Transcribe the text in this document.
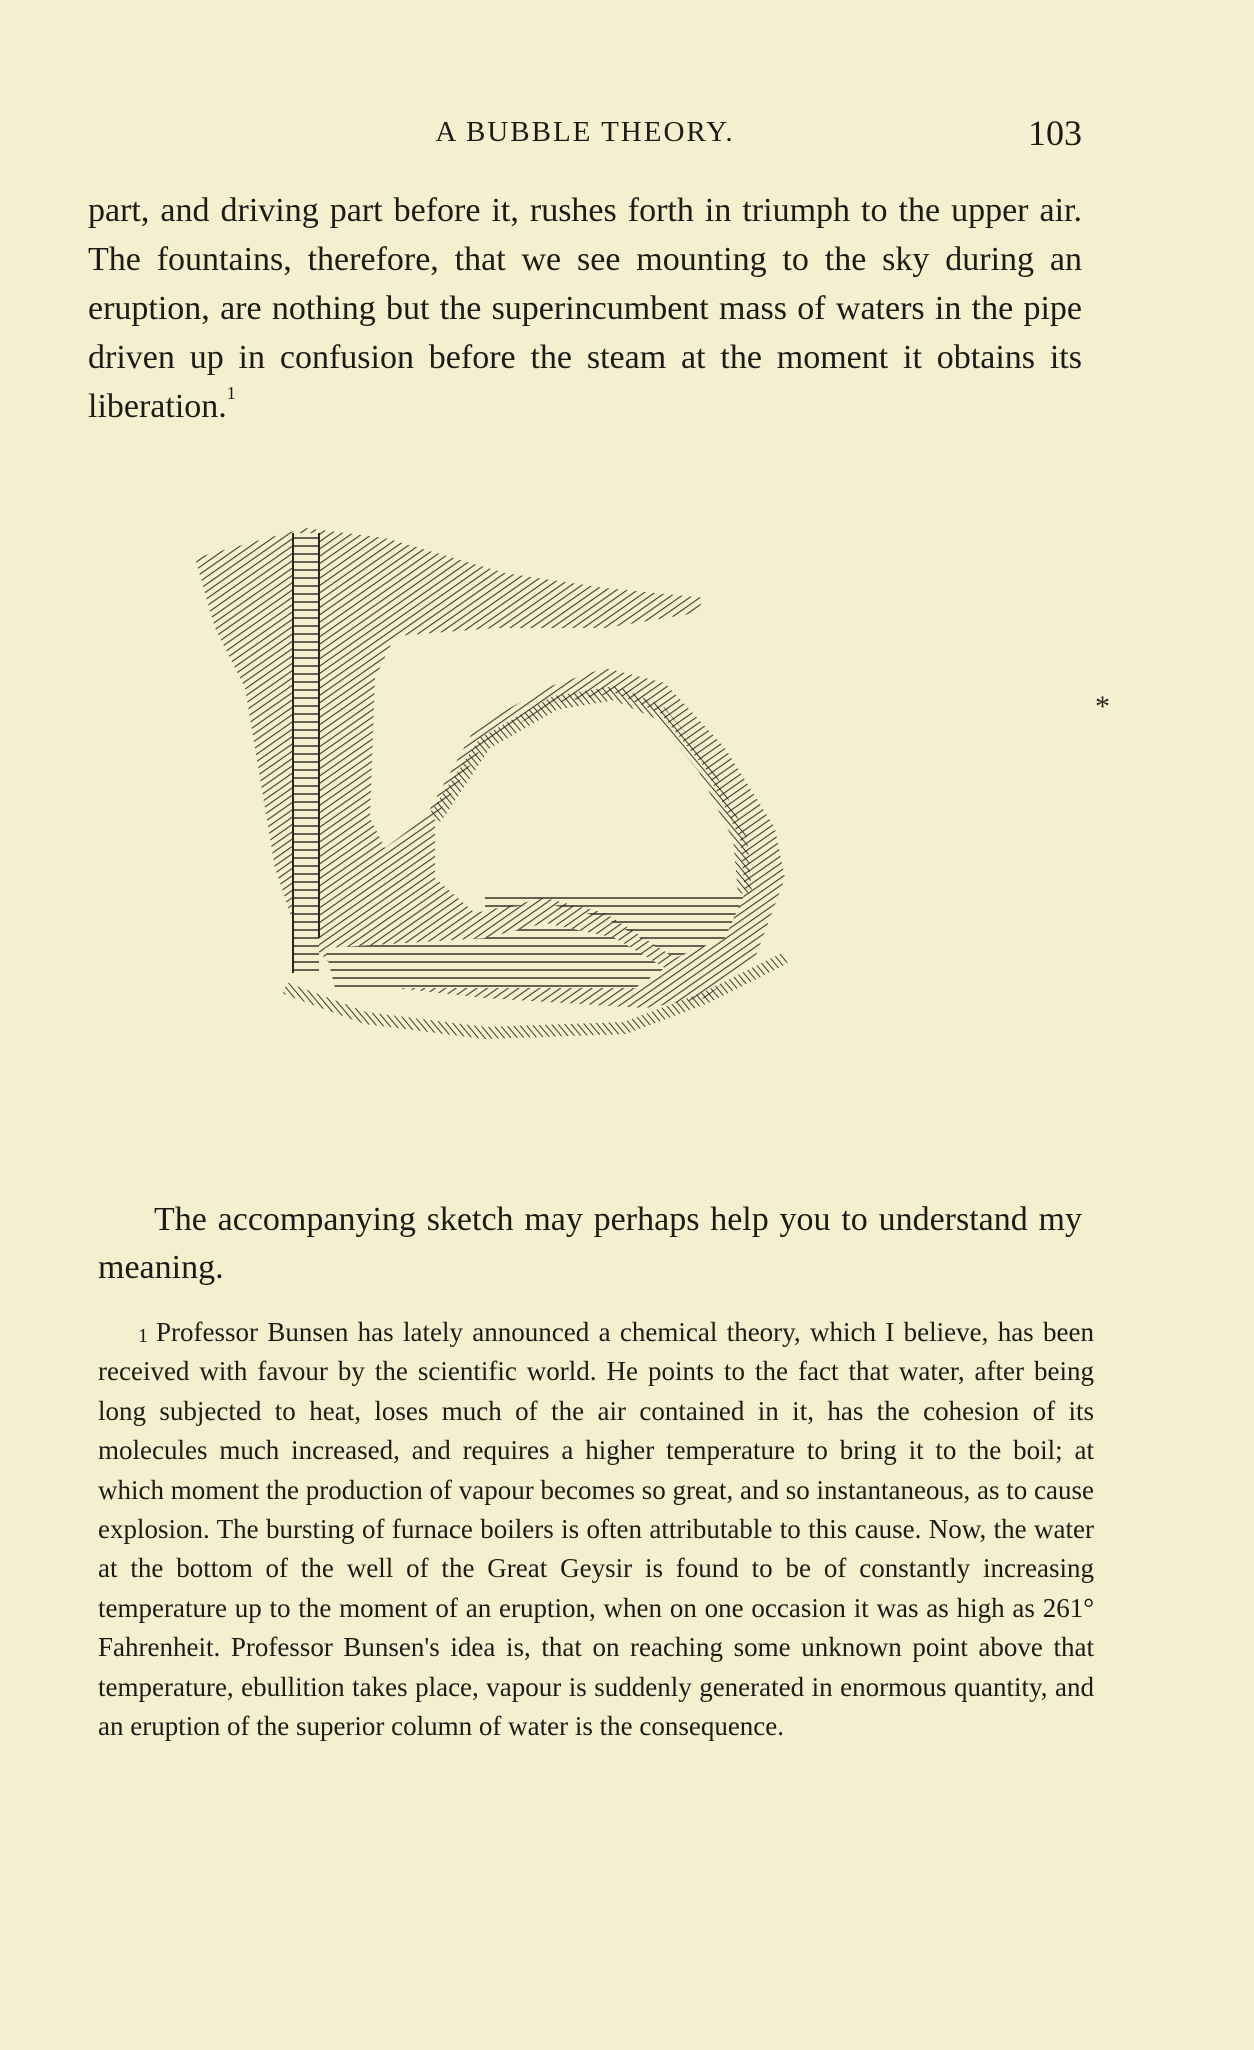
A BUBBLE THEORY.	103

part, and driving part before it, rushes forth in triumph to the upper air. The fountains, therefore, that we see mounting to the sky during an eruption, are nothing but the superincumbent mass of waters in the pipe driven up in confusion before the steam at the moment it obtains its liberation.$^1$

*
The accompanying sketch may perhaps help you to understand my meaning.
$^1$ Professor Bunsen has lately announced a chemical theory, which I believe, has been received with favour by the scientific world. He points to the fact that water, after being long subjected to heat, loses much of the air contained in it, has the cohesion of its molecules much increased, and requires a higher temperature to bring it to the boil; at which moment the production of vapour becomes so great, and so instantaneous, as to cause explosion. The bursting of furnace boilers is often attributable to this cause. Now, the water at the bottom of the well of the Great Geysir is found to be of constantly increasing temperature up to the moment of an eruption, when on one occasion it was as high as 261° Fahrenheit. Professor Bunsen's idea is, that on reaching some unknown point above that temperature, ebullition takes place, vapour is suddenly generated in enormous quantity, and an eruption of the superior column of water is the consequence.
